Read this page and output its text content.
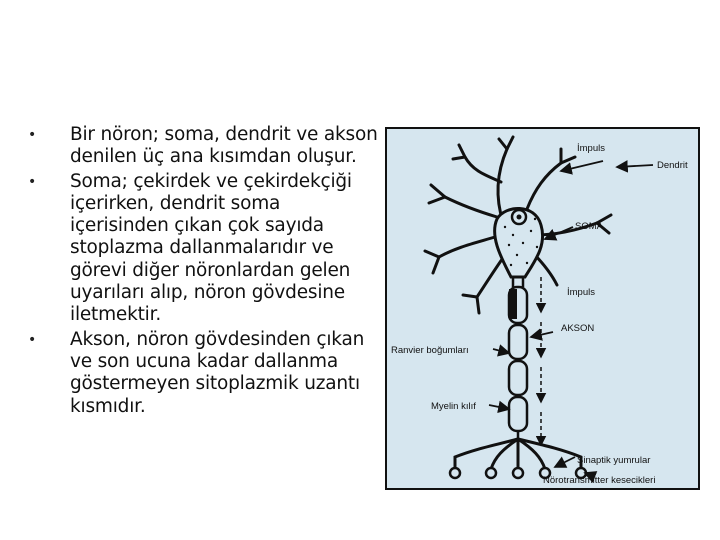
• Bir nöron; soma, dendrit ve akson denilen üç ana kısımdan oluşur.
• Soma; çekirdek ve çekirdekçiği içerirken, dendrit soma içerisinden çıkan çok sayıda stoplazma dallanmalarıdır ve görevi diğer nöronlardan gelen uyarıları alıp, nöron gövdesine iletmektir.
• Akson, nöron gövdesinden çıkan ve son ucuna kadar dallanma göstermeyen sitoplazmik uzantı kısmıdır.
İmpuls
Dendrit
SOMA
İmpuls
AKSON
Ranvier boğumları
Myelin kılıf
Sinaptik yumrular
Nörotransmitter kesecikleri
